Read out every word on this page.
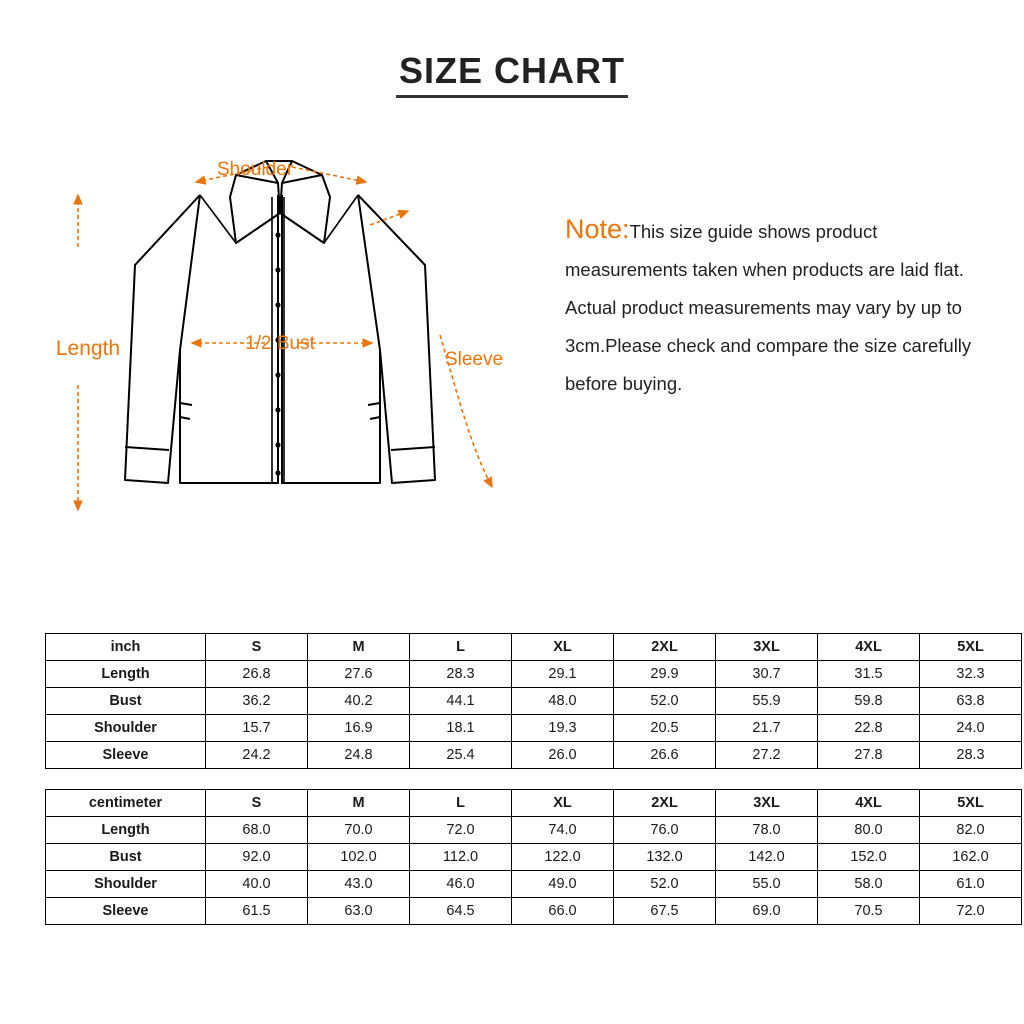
SIZE CHART
Shoulder
1/2 Bust
Length	Sleeve
Note:This size guide shows product measurements taken when products are laid flat. Actual product measurements may vary by up to 3cm.Please check and compare the size carefully before buying.
inch	S	M	L	XL	2XL	3XL	4XL	5XL
Length	26.8	27.6	28.3	29.1	29.9	30.7	31.5	32.3
Bust	36.2	40.2	44.1	48.0	52.0	55.9	59.8	63.8
Shoulder	15.7	16.9	18.1	19.3	20.5	21.7	22.8	24.0
Sleeve	24.2	24.8	25.4	26.0	26.6	27.2	27.8	28.3
centimeter	S	M	L	XL	2XL	3XL	4XL	5XL
Length	68.0	70.0	72.0	74.0	76.0	78.0	80.0	82.0
Bust	92.0	102.0	112.0	122.0	132.0	142.0	152.0	162.0
Shoulder	40.0	43.0	46.0	49.0	52.0	55.0	58.0	61.0
Sleeve	61.5	63.0	64.5	66.0	67.5	69.0	70.5	72.0
